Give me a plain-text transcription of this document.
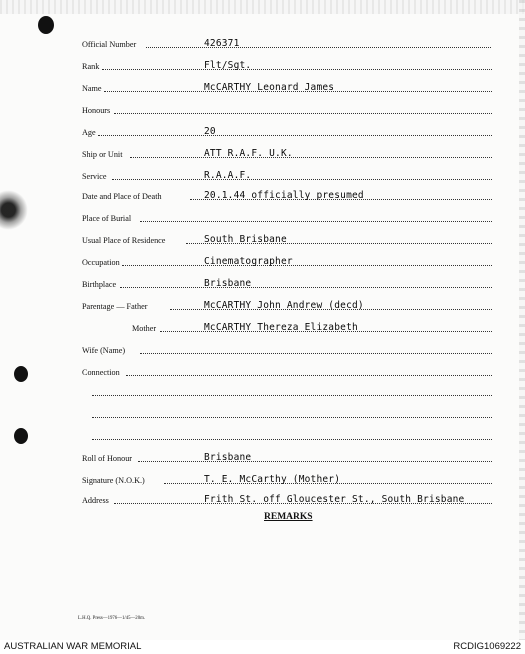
Official Number	426371
Rank	Flt/Sgt.
Name	McCARTHY Leonard James
Honours
Age	20
Ship or Unit	ATT R.A.F. U.K.
Service	R.A.A.F.
Date and Place of Death	20.1.44 officially presumed
Place of Burial
Usual Place of Residence	South Brisbane
Occupation	Cinematographer
Birthplace	Brisbane
Parentage — Father	McCARTHY John Andrew (decd)
Mother	McCARTHY Thereza Elizabeth
Wife (Name)
Connection
Roll of Honour	Brisbane
Signature (N.O.K.)	T. E. McCarthy (Mother)
Address	Frith St. off Gloucester St., South Brisbane
REMARKS
L.H.Q. Press—1976—1/45—20m.
AUSTRALIAN WAR MEMORIAL	RCDIG1069222
